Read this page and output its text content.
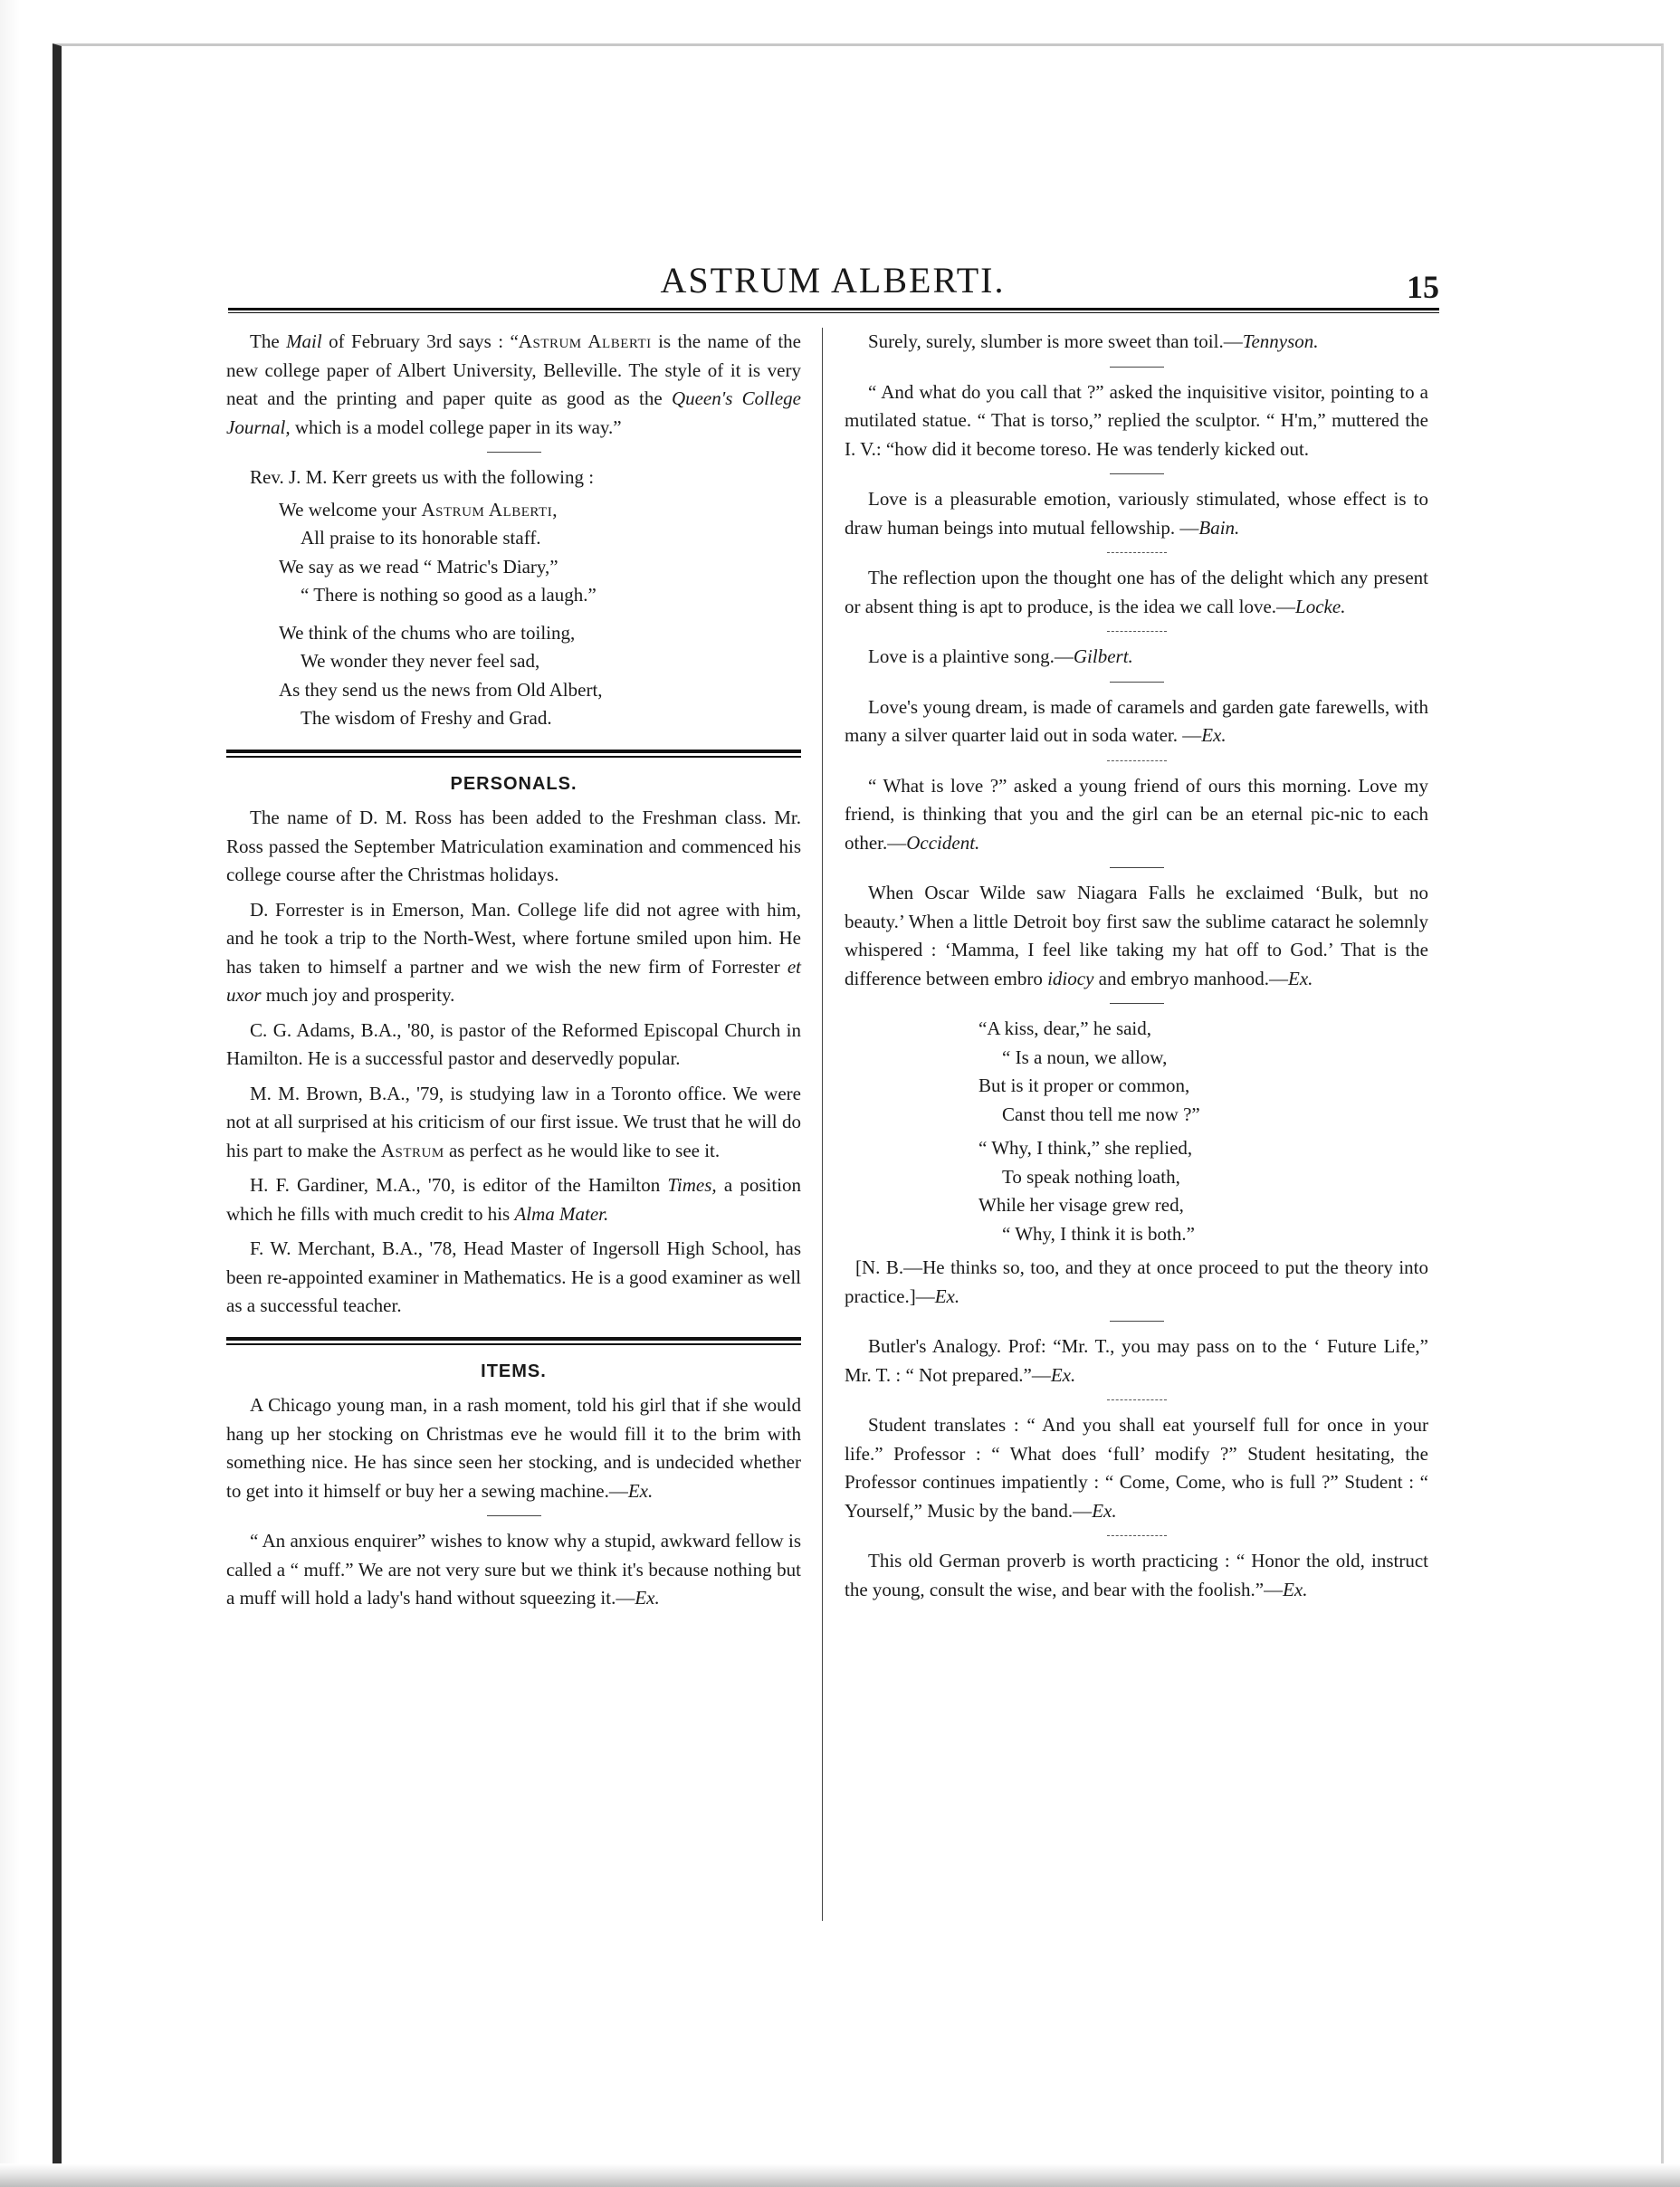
ASTRUM ALBERTI.	15

The Mail of February 3rd says : “Astrum Alberti is the name of the new college paper of Albert University, Belleville. The style of it is very neat and the printing and paper quite as good as the Queen's College Journal, which is a model college paper in its way.”

Rev. J. M. Kerr greets us with the following :

We welcome your Astrum Alberti,
All praise to its honorable staff.
We say as we read “ Matric's Diary,”
“ There is nothing so good as a laugh.”
We think of the chums who are toiling,
We wonder they never feel sad,
As they send us the news from Old Albert,
The wisdom of Freshy and Grad.
PERSONALS.

The name of D. M. Ross has been added to the Freshman class. Mr. Ross passed the September Matriculation examination and commenced his college course after the Christmas holidays.

D. Forrester is in Emerson, Man. College life did not agree with him, and he took a trip to the North-West, where fortune smiled upon him. He has taken to himself a partner and we wish the new firm of Forrester et uxor much joy and prosperity.

C. G. Adams, B.A., '80, is pastor of the Reformed Episcopal Church in Hamilton. He is a successful pastor and deservedly popular.

M. M. Brown, B.A., '79, is studying law in a Toronto office. We were not at all surprised at his criticism of our first issue. We trust that he will do his part to make the Astrum as perfect as he would like to see it.

H. F. Gardiner, M.A., '70, is editor of the Hamilton Times, a position which he fills with much credit to his Alma Mater.

F. W. Merchant, B.A., '78, Head Master of Ingersoll High School, has been re-appointed examiner in Mathematics. He is a good examiner as well as a successful teacher.

ITEMS.

A Chicago young man, in a rash moment, told his girl that if she would hang up her stocking on Christmas eve he would fill it to the brim with something nice. He has since seen her stocking, and is undecided whether to get into it himself or buy her a sewing machine.—Ex.

“ An anxious enquirer” wishes to know why a stupid, awkward fellow is called a “ muff.” We are not very sure but we think it's because nothing but a muff will hold a lady's hand without squeezing it.—Ex.

Surely, surely, slumber is more sweet than toil.—Tennyson.

“ And what do you call that ?” asked the inquisitive visitor, pointing to a mutilated statue. “ That is torso,” replied the sculptor. “ H'm,” muttered the I. V.: “how did it become toreso. He was tenderly kicked out.

Love is a pleasurable emotion, variously stimulated, whose effect is to draw human beings into mutual fellowship. —Bain.

The reflection upon the thought one has of the delight which any present or absent thing is apt to produce, is the idea we call love.—Locke.

Love is a plaintive song.—Gilbert.

Love's young dream, is made of caramels and garden gate farewells, with many a silver quarter laid out in soda water. —Ex.

“ What is love ?” asked a young friend of ours this morning. Love my friend, is thinking that you and the girl can be an eternal pic-nic to each other.—Occident.

When Oscar Wilde saw Niagara Falls he exclaimed ‘Bulk, but no beauty.’ When a little Detroit boy first saw the sublime cataract he solemnly whispered : ‘Mamma, I feel like taking my hat off to God.’ That is the difference between embro idiocy and embryo manhood.—Ex.

“A kiss, dear,” he said,
“ Is a noun, we allow,
But is it proper or common,
Canst thou tell me now ?”
“ Why, I think,” she replied,
To speak nothing loath,
While her visage grew red,
“ Why, I think it is both.”

[N. B.—He thinks so, too, and they at once proceed to put the theory into practice.]—Ex.

Butler's Analogy. Prof: “Mr. T., you may pass on to the ‘ Future Life,” Mr. T. : “ Not prepared.”—Ex.

Student translates : “ And you shall eat yourself full for once in your life.” Professor : “ What does ‘full’ modify ?” Student hesitating, the Professor continues impatiently : “ Come, Come, who is full ?” Student : “ Yourself,” Music by the band.—Ex.

This old German proverb is worth practicing : “ Honor the old, instruct the young, consult the wise, and bear with the foolish.”—Ex.
